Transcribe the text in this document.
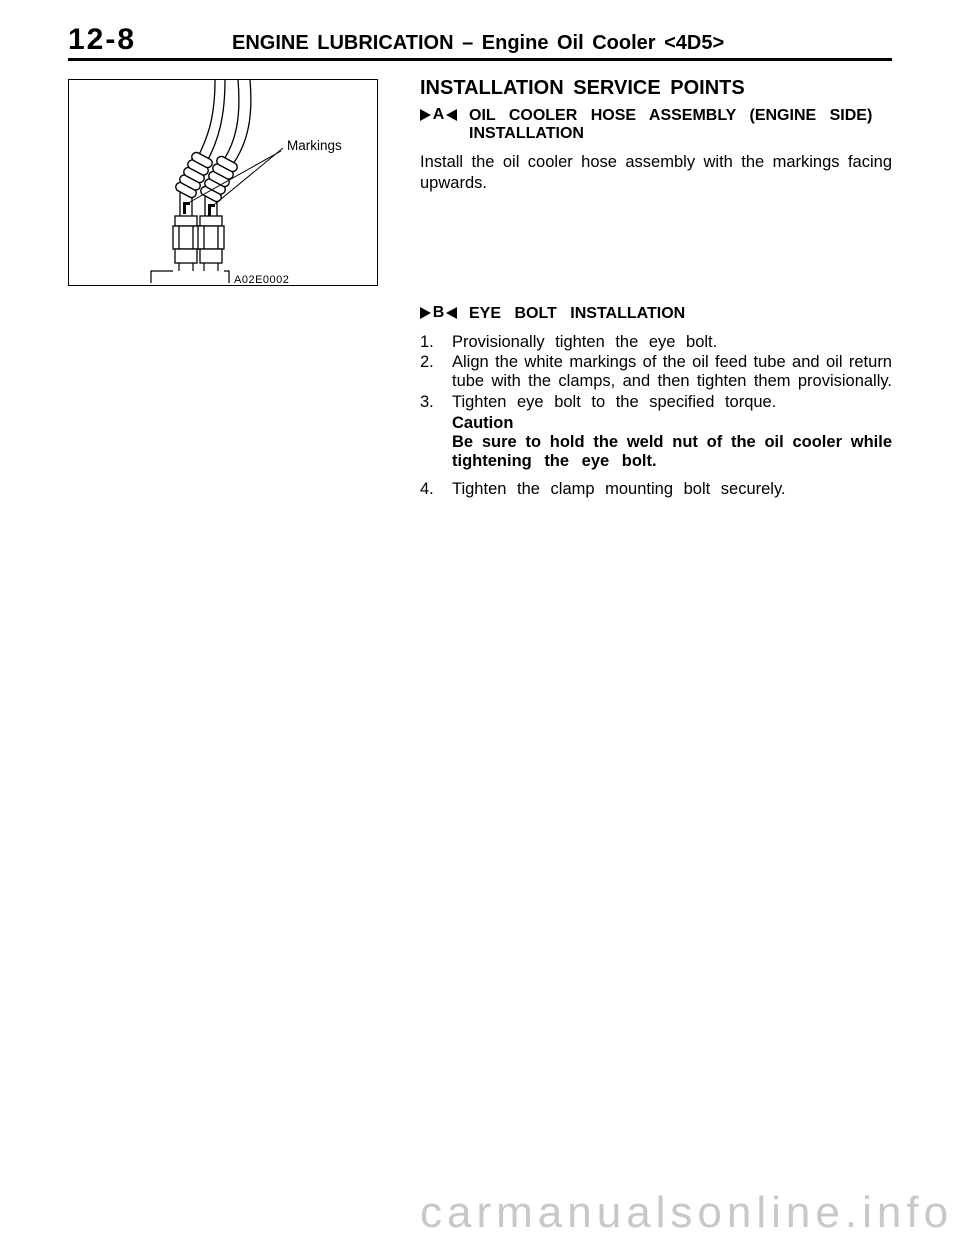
12-8	ENGINE LUBRICATION – Engine Oil Cooler <4D5>
Markings
A02E0002
INSTALLATION SERVICE POINTS
A OIL COOLER HOSE ASSEMBLY (ENGINE SIDE)
INSTALLATION
Install the oil cooler hose assembly with the markings facing
upwards.
B EYE BOLT INSTALLATION
1. Provisionally tighten the eye bolt.
2. Align the white markings of the oil feed tube and oil return
tube with the clamps, and then tighten them provisionally.
3. Tighten eye bolt to the specified torque.
Caution
Be sure to hold the weld nut of the oil cooler while
tightening the eye bolt.
4. Tighten the clamp mounting bolt securely.
carmanualsonline.info
